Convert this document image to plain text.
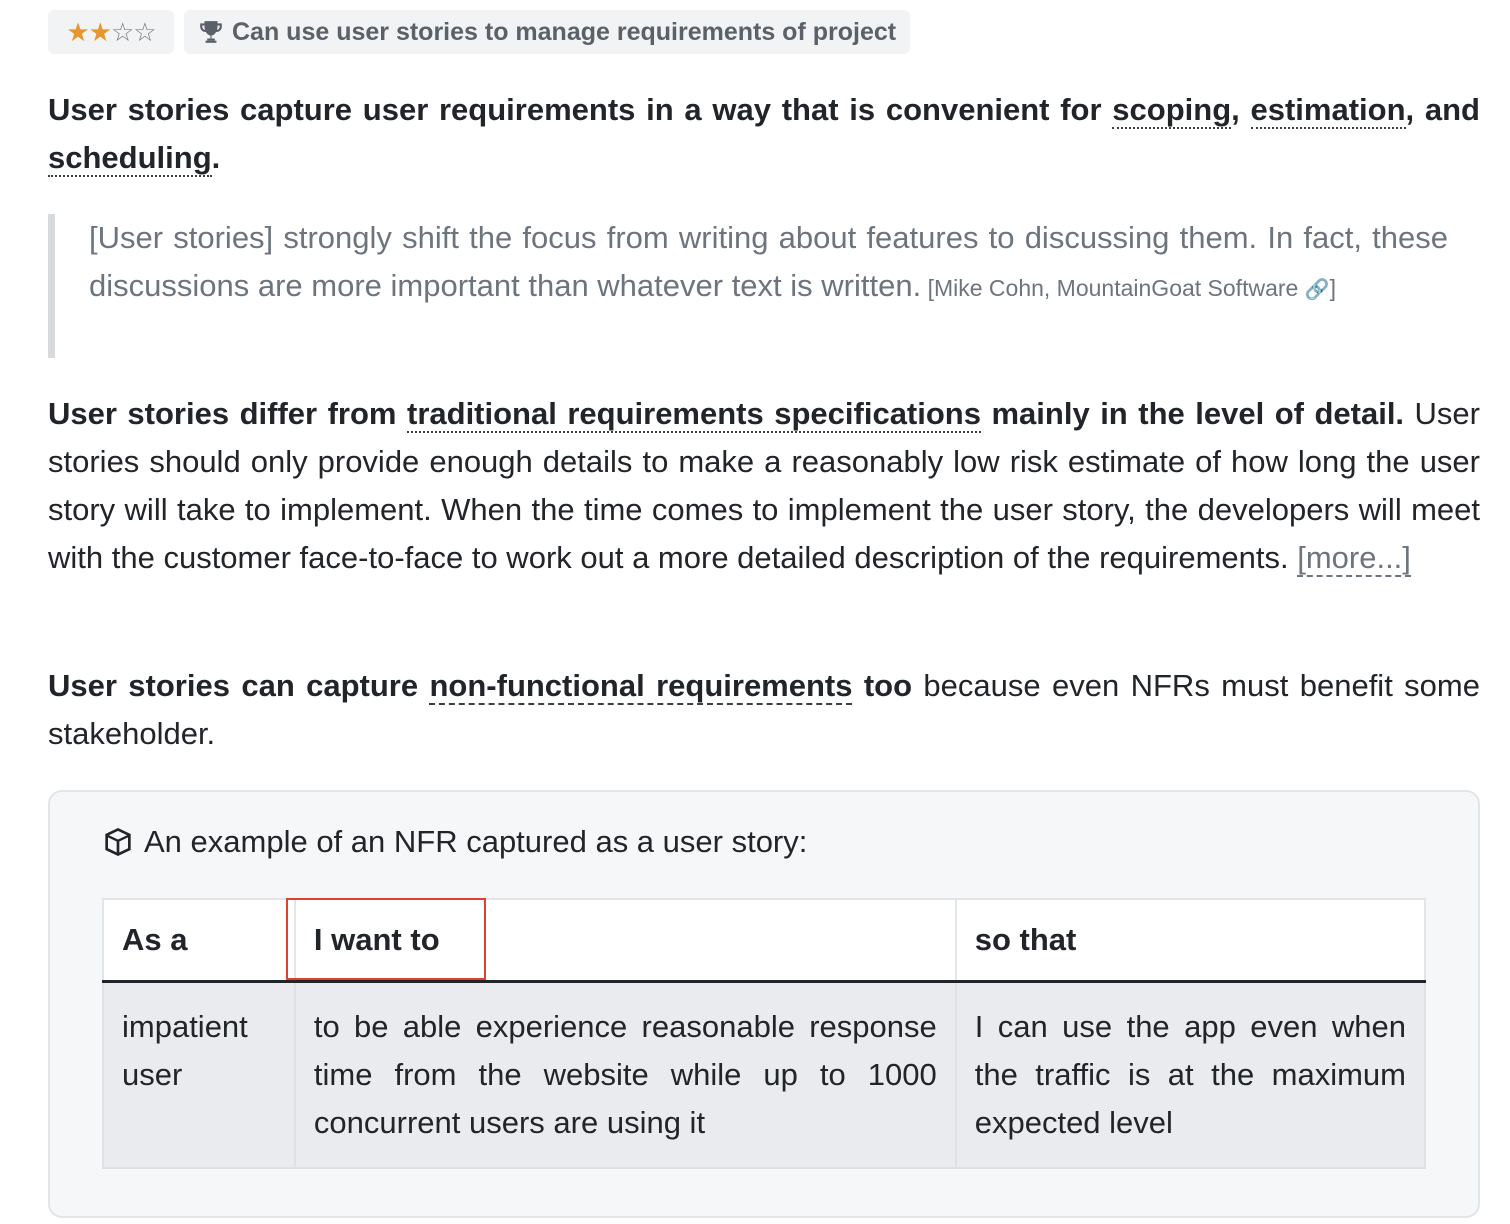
★★ ☆☆	Can use user stories to manage requirements of project

User stories capture user requirements in a way that is convenient for scoping, estimation, and scheduling.

[User stories] strongly shift the focus from writing about features to discussing them. In fact, these discussions are more important than whatever text is written. [Mike Cohn, MountainGoat Software 🔗]

User stories differ from traditional requirements specifications mainly in the level of detail. User stories should only provide enough details to make a reasonably low risk estimate of how long the user story will take to implement. When the time comes to implement the user story, the developers will meet with the customer face-to-face to work out a more detailed description of the requirements. [more...]

User stories can capture non-functional requirements too because even NFRs must benefit some stakeholder.

An example of an NFR captured as a user story:
As a	I want to	so that
impatient user	to be able experience reasonable response time from the website while up to 1000 concurrent users are using it	I can use the app even when the traffic is at the maximum expected level
